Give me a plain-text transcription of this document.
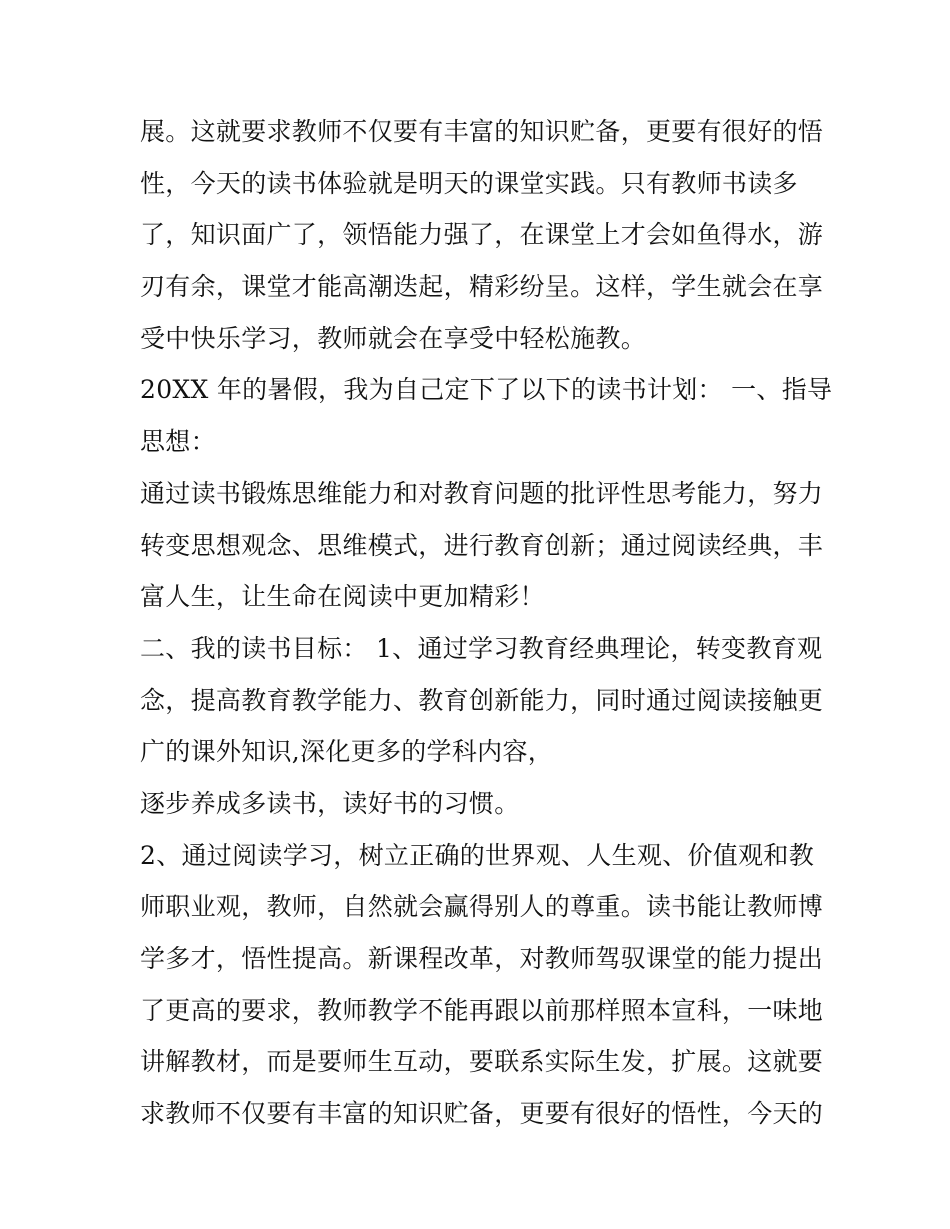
展。这就要求教师不仅要有丰富的知识贮备，更要有很好的悟
性，今天的读书体验就是明天的课堂实践。只有教师书读多
了，知识面广了，领悟能力强了，在课堂上才会如鱼得水，游
刃有余，课堂才能高潮迭起，精彩纷呈。这样，学生就会在享
受中快乐学习，教师就会在享受中轻松施教。
20XX 年的暑假，我为自己定下了以下的读书计划： 一、指导
思想：
通过读书锻炼思维能力和对教育问题的批评性思考能力，努力
转变思想观念、思维模式，进行教育创新；通过阅读经典，丰
富人生，让生命在阅读中更加精彩！
二、我的读书目标： 1、通过学习教育经典理论，转变教育观
念，提高教育教学能力、教育创新能力，同时通过阅读接触更
广的课外知识,深化更多的学科内容，
逐步养成多读书，读好书的习惯。
2、通过阅读学习，树立正确的世界观、人生观、价值观和教
师职业观，教师，自然就会赢得别人的尊重。读书能让教师博
学多才，悟性提高。新课程改革，对教师驾驭课堂的能力提出
了更高的要求，教师教学不能再跟以前那样照本宣科，一味地
讲解教材，而是要师生互动，要联系实际生发，扩展。这就要
求教师不仅要有丰富的知识贮备，更要有很好的悟性，今天的
